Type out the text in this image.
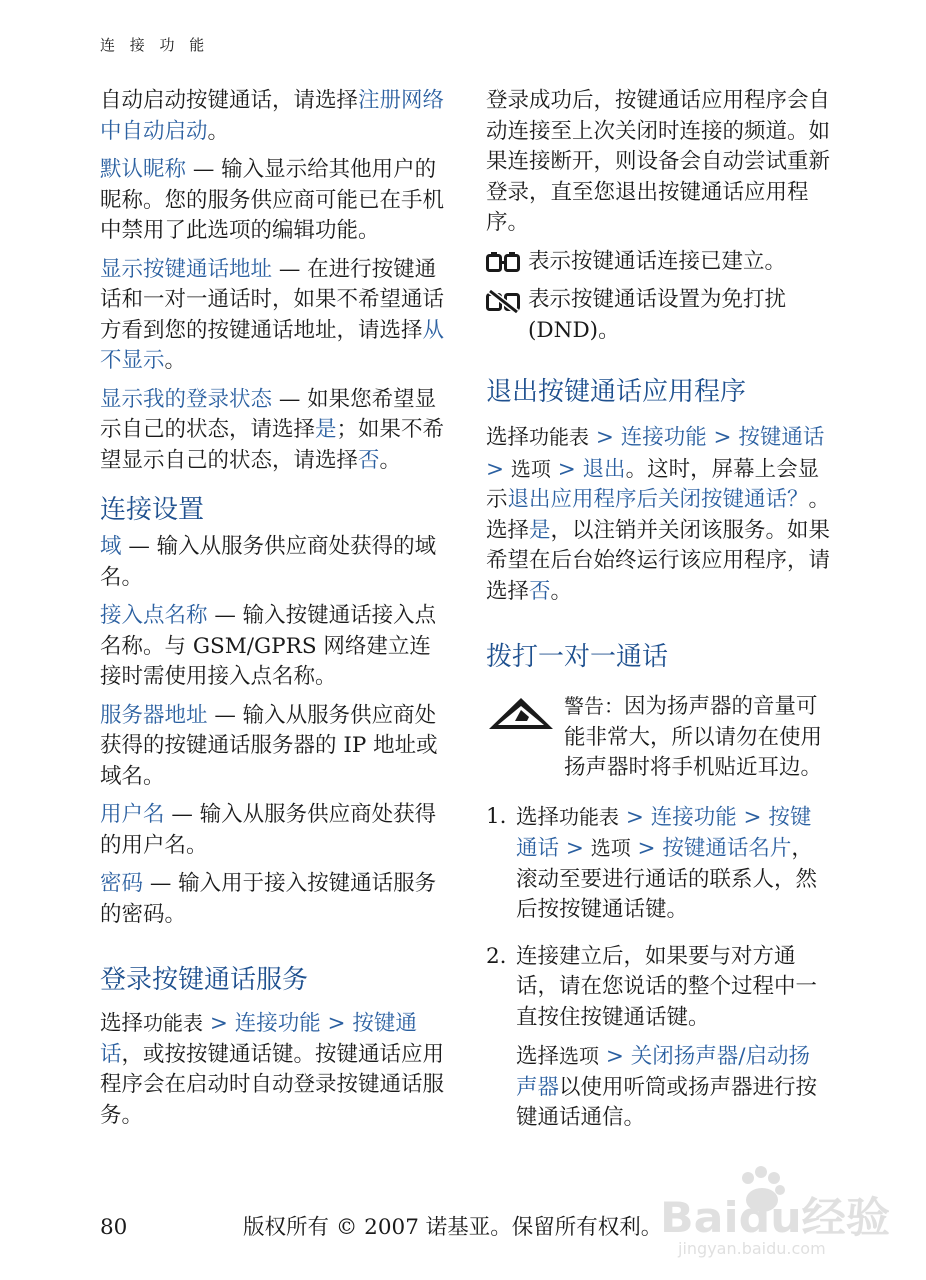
连 接 功 能

自动启动按键通话，请选择注册网络中自动启动。

默认昵称 — 输入显示给其他用户的昵称。您的服务供应商可能已在手机中禁用了此选项的编辑功能。

显示按键通话地址 — 在进行按键通话和一对一通话时，如果不希望通话方看到您的按键通话地址，请选择从不显示。

显示我的登录状态 — 如果您希望显示自己的状态，请选择是；如果不希望显示自己的状态，请选择否。

连接设置

域 — 输入从服务供应商处获得的域名。

接入点名称 — 输入按键通话接入点名称。与 GSM/GPRS 网络建立连接时需使用接入点名称。

服务器地址 — 输入从服务供应商处获得的按键通话服务器的 IP 地址或域名。

用户名 — 输入从服务供应商处获得的用户名。

密码 — 输入用于接入按键通话服务的密码。

登录按键通话服务

选择功能表 > 连接功能 > 按键通话，或按按键通话键。按键通话应用程序会在启动时自动登录按键通话服务。

登录成功后，按键通话应用程序会自动连接至上次关闭时连接的频道。如果连接断开，则设备会自动尝试重新登录，直至您退出按键通话应用程序。

表示按键通话连接已建立。

表示按键通话设置为免打扰 (DND)。

退出按键通话应用程序

选择功能表 > 连接功能 > 按键通话 > 选项 > 退出。这时，屏幕上会显示退出应用程序后关闭按键通话？。选择是，以注销并关闭该服务。如果希望在后台始终运行该应用程序，请选择否。

拨打一对一通话

警告：因为扬声器的音量可能非常大，所以请勿在使用扬声器时将手机贴近耳边。

1. 选择功能表 > 连接功能 > 按键通话 > 选项 > 按键通话名片，滚动至要进行通话的联系人，然后按按键通话键。

2. 连接建立后，如果要与对方通话，请在您说话的整个过程中一直按住按键通话键。

选择选项 > 关闭扬声器/启动扬声器以使用听筒或扬声器进行按键通话通信。

Baidu经验
jingyan.baidu.com
80	版权所有 © 2007 诺基亚。保留所有权利。
